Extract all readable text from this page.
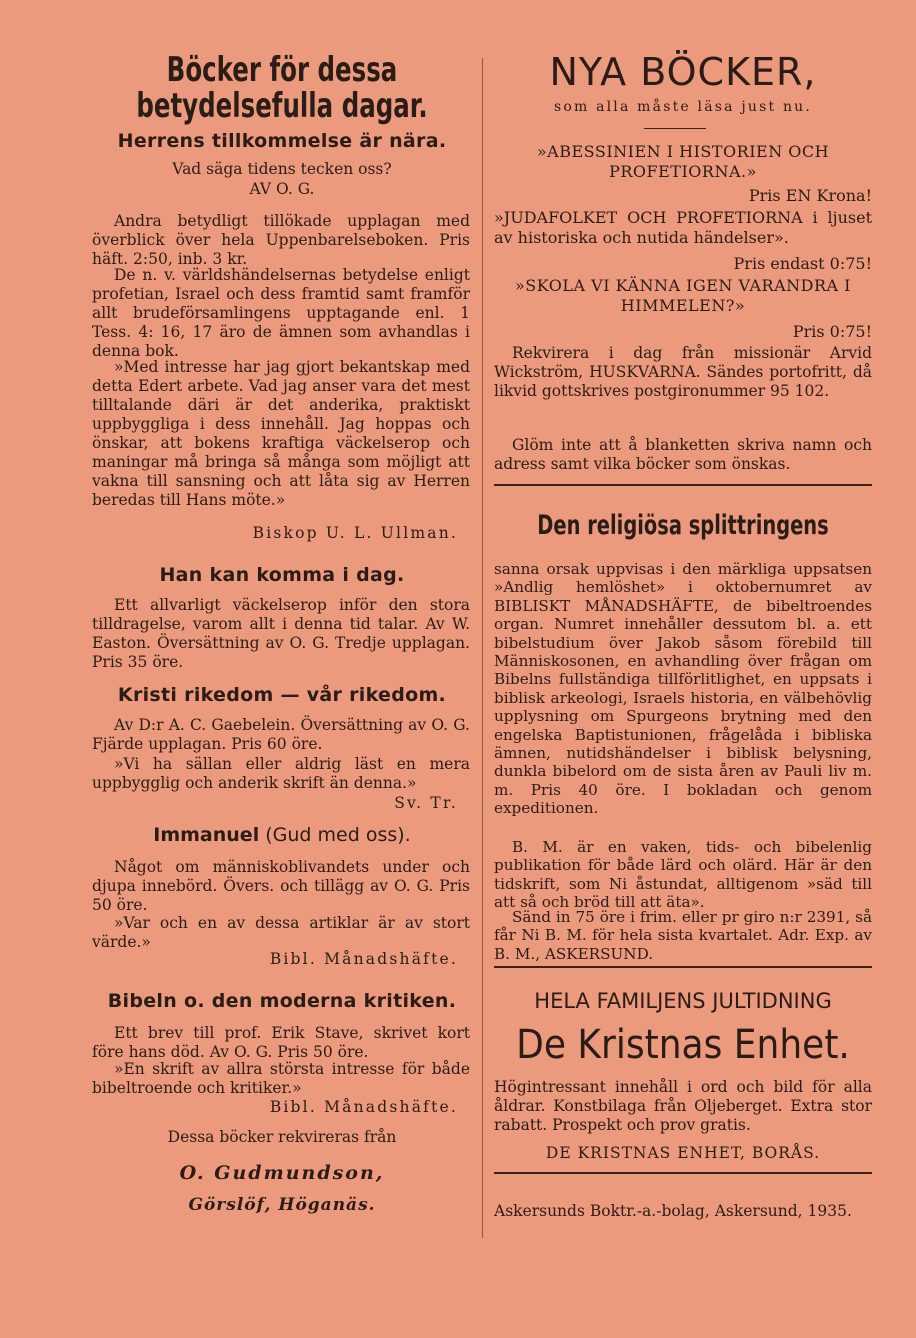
Böcker för dessa betydelsefulla dagar.
Herrens tillkommelse är nära.
Vad säga tidens tecken oss?
AV O. G.
Andra betydligt tillökade upplagan med överblick över hela Uppenbarelseboken. Pris häft. 2:50, inb. 3 kr.
De n. v. världshändelsernas betydelse enligt profetian, Israel och dess framtid samt framför allt brudeförsamlingens upptagande enl. 1 Tess. 4: 16, 17 äro de ämnen som avhandlas i denna bok.
»Med intresse har jag gjort bekantskap med detta Edert arbete. Vad jag anser vara det mest tilltalande däri är det anderika, praktiskt uppbyggliga i dess innehåll. Jag hoppas och önskar, att bokens kraftiga väckelserop och maningar må bringa så många som möjligt att vakna till sansning och att låta sig av Herren beredas till Hans möte.»
Biskop U. L. Ullman.
Han kan komma i dag.
Ett allvarligt väckelserop inför den stora tilldragelse, varom allt i denna tid talar. Av W. Easton. Översättning av O. G. Tredje upplagan. Pris 35 öre.
Kristi rikedom — vår rikedom.
Av D:r A. C. Gaebelein. Översättning av O. G. Fjärde upplagan. Pris 60 öre.
»Vi ha sällan eller aldrig läst en mera uppbygglig och anderik skrift än denna.»
Sv. Tr.
Immanuel (Gud med oss).
Något om människoblivandets under och djupa innebörd. Övers. och tillägg av O. G. Pris 50 öre.
»Var och en av dessa artiklar är av stort värde.»
Bibl. Månadshäfte.
Bibeln o. den moderna kritiken.
Ett brev till prof. Erik Stave, skrivet kort före hans död. Av O. G. Pris 50 öre.
»En skrift av allra största intresse för både bibeltroende och kritiker.»
Bibl. Månadshäfte.
Dessa böcker rekvireras från
O. Gudmundson,
Görslöf, Höganäs.
NYA BÖCKER,
som alla måste läsa just nu.
»ABESSINIEN I HISTORIEN OCH PROFETIORNA.»
Pris EN Krona!
»JUDAFOLKET OCH PROFETIORNA i ljuset av historiska och nutida händelser».
Pris endast 0:75!
»SKOLA VI KÄNNA IGEN VARANDRA I HIMMELEN?»
Pris 0:75!
Rekvirera i dag från missionär Arvid Wickström, HUSKVARNA. Sändes portofritt, då likvid gottskrives postgironummer 95 102.
Glöm inte att å blanketten skriva namn och adress samt vilka böcker som önskas.
Den religiösa splittringens
sanna orsak uppvisas i den märkliga uppsatsen »Andlig hemlöshet» i oktobernumret av BIBLISKT MÅNADSHÄFTE, de bibeltroendes organ. Numret innehåller dessutom bl. a. ett bibelstudium över Jakob såsom förebild till Människosonen, en avhandling över frågan om Bibelns fullständiga tillförlitlighet, en uppsats i biblisk arkeologi, Israels historia, en välbehövlig upplysning om Spurgeons brytning med den engelska Baptistunionen, frågelåda i bibliska ämnen, nutidshändelser i biblisk belysning, dunkla bibelord om de sista åren av Pauli liv m. m. Pris 40 öre. I bokladan och genom expeditionen.
B. M. är en vaken, tids- och bibelenlig publikation för både lärd och olärd. Här är den tidskrift, som Ni åstundat, alltigenom »säd till att så och bröd till att äta».
Sänd in 75 öre i frim. eller pr giro n:r 2391, så får Ni B. M. för hela sista kvartalet. Adr. Exp. av B. M., ASKERSUND.
HELA FAMILJENS JULTIDNING
De Kristnas Enhet.
Högintressant innehåll i ord och bild för alla åldrar. Konstbilaga från Oljeberget. Extra stor rabatt. Prospekt och prov gratis.
DE KRISTNAS ENHET, BORÅS.
Askersunds Boktr.-a.-bolag, Askersund, 1935.
